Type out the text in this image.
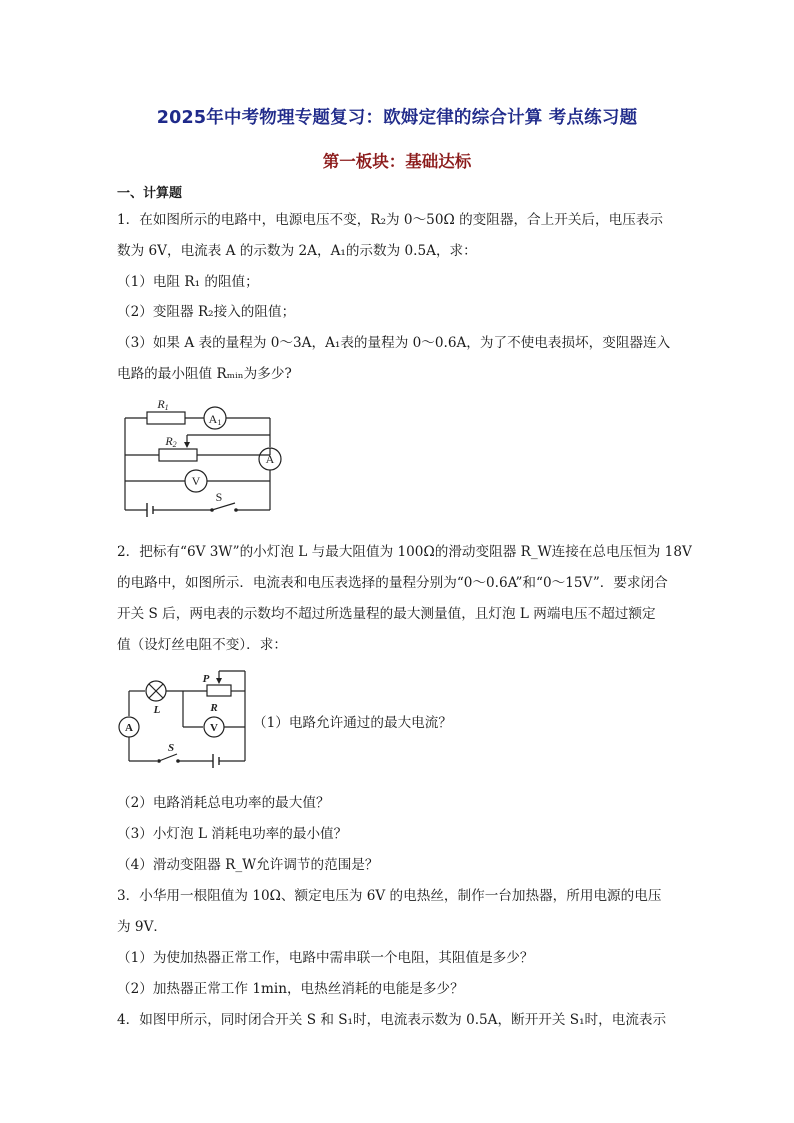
2025年中考物理专题复习：欧姆定律的综合计算 考点练习题
第一板块：基础达标
一、计算题
1．在如图所示的电路中，电源电压不变，R₂为 0～50Ω 的变阻器，合上开关后，电压表示
数为 6V，电流表 A 的示数为 2A，A₁的示数为 0.5A，求：
（1）电阻 R₁ 的阻值；
（2）变阻器 R₂接入的阻值；
（3）如果 A 表的量程为 0～3A，A₁表的量程为 0～0.6A，为了不使电表损坏，变阻器连入
电路的最小阻值 Rₘᵢₙ为多少?
R1
R2
A1
A
V
S
2．把标有“6V 3W”的小灯泡 L 与最大阻值为 100Ω的滑动变阻器 R_W连接在总电压恒为 18V
的电路中，如图所示．电流表和电压表选择的量程分别为“0～0.6A”和“0～15V”．要求闭合
开关 S 后，两电表的示数均不超过所选量程的最大测量值，且灯泡 L 两端电压不超过额定
值（设灯丝电阻不变）．求：
P
R
L
S
V
A	（1）电路允许通过的最大电流？
（2）电路消耗总电功率的最大值？
（3）小灯泡 L 消耗电功率的最小值？
（4）滑动变阻器 R_W允许调节的范围是？
3．小华用一根阻值为 10Ω、额定电压为 6V 的电热丝，制作一台加热器，所用电源的电压
为 9V．
（1）为使加热器正常工作，电路中需串联一个电阻，其阻值是多少？
（2）加热器正常工作 1min，电热丝消耗的电能是多少？
4．如图甲所示，同时闭合开关 S 和 S₁时，电流表示数为 0.5A，断开开关 S₁时，电流表示
